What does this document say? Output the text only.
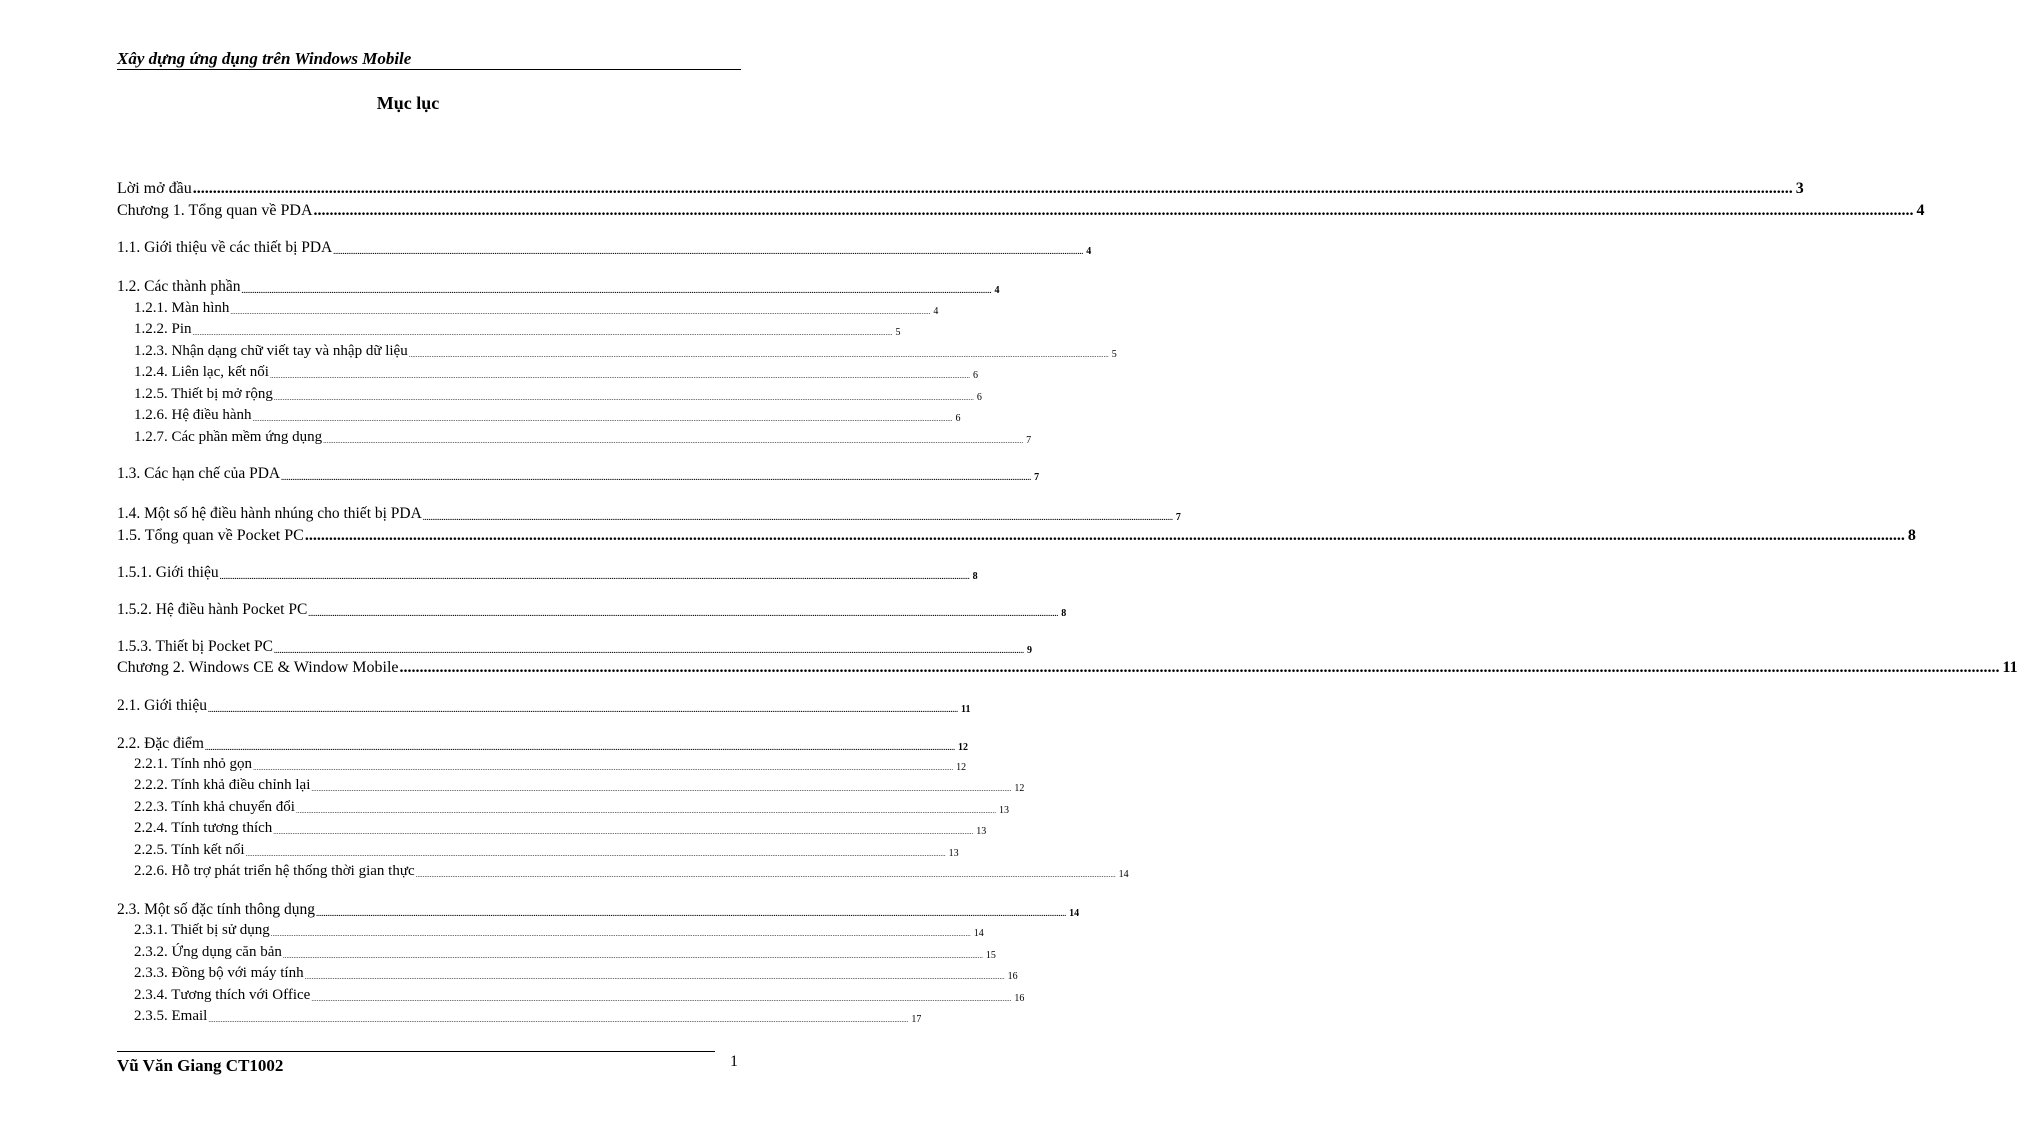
Xây dựng ứng dụng trên Windows Mobile
Mục lục
Lời mở đầu ................................................................................................................................................................................................................................................................................................................................................................................................................ 3
Chương 1. Tổng quan về PDA ................................................................................................................................................................................................................................................................................................................................................................................................................ 4
1.1. Giới thiệu về các thiết bị PDA ................................................................................................................................................................................................................................................................................................................................................................................................................ 4
1.2. Các thành phần ................................................................................................................................................................................................................................................................................................................................................................................................................ 4
1.2.1. Màn hình ................................................................................................................................................................................................................................................................................................................................................................................................................ 4
1.2.2. Pin ................................................................................................................................................................................................................................................................................................................................................................................................................ 5
1.2.3. Nhận dạng chữ viết tay và nhập dữ liệu ................................................................................................................................................................................................................................................................................................................................................................................................................ 5
1.2.4. Liên lạc, kết nối ................................................................................................................................................................................................................................................................................................................................................................................................................ 6
1.2.5. Thiết bị mở rộng ................................................................................................................................................................................................................................................................................................................................................................................................................ 6
1.2.6. Hệ điều hành ................................................................................................................................................................................................................................................................................................................................................................................................................ 6
1.2.7. Các phần mềm ứng dụng ................................................................................................................................................................................................................................................................................................................................................................................................................ 7
1.3. Các hạn chế của PDA ................................................................................................................................................................................................................................................................................................................................................................................................................ 7
1.4. Một số hệ điều hành nhúng cho thiết bị PDA ................................................................................................................................................................................................................................................................................................................................................................................................................ 7
1.5. Tổng quan về Pocket PC ................................................................................................................................................................................................................................................................................................................................................................................................................ 8
1.5.1. Giới thiệu ................................................................................................................................................................................................................................................................................................................................................................................................................ 8
1.5.2. Hệ điều hành Pocket PC ................................................................................................................................................................................................................................................................................................................................................................................................................ 8
1.5.3. Thiết bị Pocket PC ................................................................................................................................................................................................................................................................................................................................................................................................................ 9
Chương 2. Windows CE & Window Mobile ................................................................................................................................................................................................................................................................................................................................................................................................................ 11
2.1. Giới thiệu ................................................................................................................................................................................................................................................................................................................................................................................................................ 11
2.2. Đặc điểm ................................................................................................................................................................................................................................................................................................................................................................................................................ 12
2.2.1. Tính nhỏ gọn ................................................................................................................................................................................................................................................................................................................................................................................................................ 12
2.2.2. Tính khả điều chỉnh lại ................................................................................................................................................................................................................................................................................................................................................................................................................ 12
2.2.3. Tính khả chuyển đổi ................................................................................................................................................................................................................................................................................................................................................................................................................ 13
2.2.4. Tính tương thích ................................................................................................................................................................................................................................................................................................................................................................................................................ 13
2.2.5. Tính kết nối ................................................................................................................................................................................................................................................................................................................................................................................................................ 13
2.2.6. Hỗ trợ phát triển hệ thống thời gian thực ................................................................................................................................................................................................................................................................................................................................................................................................................ 14
2.3. Một số đặc tính thông dụng ................................................................................................................................................................................................................................................................................................................................................................................................................ 14
2.3.1. Thiết bị sử dụng ................................................................................................................................................................................................................................................................................................................................................................................................................ 14
2.3.2. Ứng dụng căn bản ................................................................................................................................................................................................................................................................................................................................................................................................................ 15
2.3.3. Đồng bộ với máy tính ................................................................................................................................................................................................................................................................................................................................................................................................................ 16
2.3.4. Tương thích với Office ................................................................................................................................................................................................................................................................................................................................................................................................................ 16
2.3.5. Email ................................................................................................................................................................................................................................................................................................................................................................................................................ 17
Vũ Văn Giang CT1002	1
